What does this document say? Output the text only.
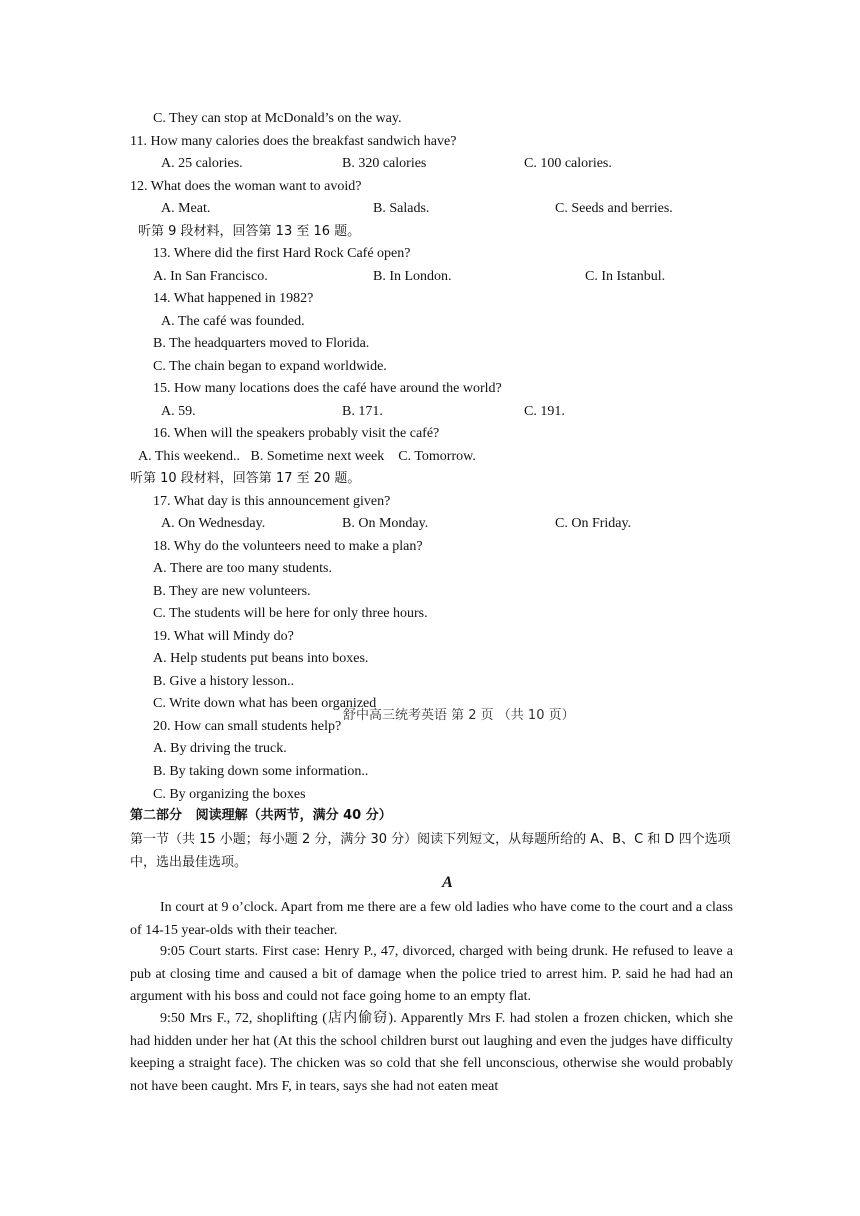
C. They can stop at McDonald’s on the way.
11. How many calories does the breakfast sandwich have?
A. 25 calories.	B. 320 calories	C. 100 calories.
12. What does the woman want to avoid?
A. Meat.	B. Salads.	C. Seeds and berries.
听第 9 段材料，回答第 13 至 16 题。
13. Where did the first Hard Rock Café open?
A. In San Francisco.	B. In London.	C. In Istanbul.
14. What happened in 1982?
A. The café was founded.
B. The headquarters moved to Florida.
C. The chain began to expand worldwide.
15. How many locations does the café have around the world?
A. 59.	B. 171.	C. 191.
16. When will the speakers probably visit the café?
A. This weekend..   B. Sometime next week    C. Tomorrow.
听第 10 段材料，回答第 17 至 20 题。
17. What day is this announcement given?
A. On Wednesday.	B. On Monday.	C. On Friday.
18. Why do the volunteers need to make a plan?
A. There are too many students.
B. They are new volunteers.
C. The students will be here for only three hours.
19. What will Mindy do?
A. Help students put beans into boxes.
B. Give a history lesson..
C. Write down what has been organized
20. How can small students help?
A. By driving the truck.
B. By taking down some information..
C. By organizing the boxes
舒中高三统考英语 第 2 页 （共 10 页）
第二部分   阅读理解（共两节，满分 40 分）
第一节（共 15 小题；每小题 2 分，满分 30 分）阅读下列短文，从每题所给的 A、B、C 和 D 四个选项中，选出最佳选项。
A
In court at 9 o’clock. Apart from me there are a few old ladies who have come to the court and a class of 14-15 year-olds with their teacher.
9:05 Court starts. First case: Henry P., 47, divorced, charged with being drunk. He refused to leave a pub at closing time and caused a bit of damage when the police tried to arrest him. P. said he had had an argument with his boss and could not face going home to an empty flat.
9:50 Mrs F., 72, shoplifting (店内偷窃). Apparently Mrs F. had stolen a frozen chicken, which she had hidden under her hat (At this the school children burst out laughing and even the judges have difficulty keeping a straight face). The chicken was so cold that she fell unconscious, otherwise she would probably not have been caught. Mrs F, in tears, says she had not eaten meat
